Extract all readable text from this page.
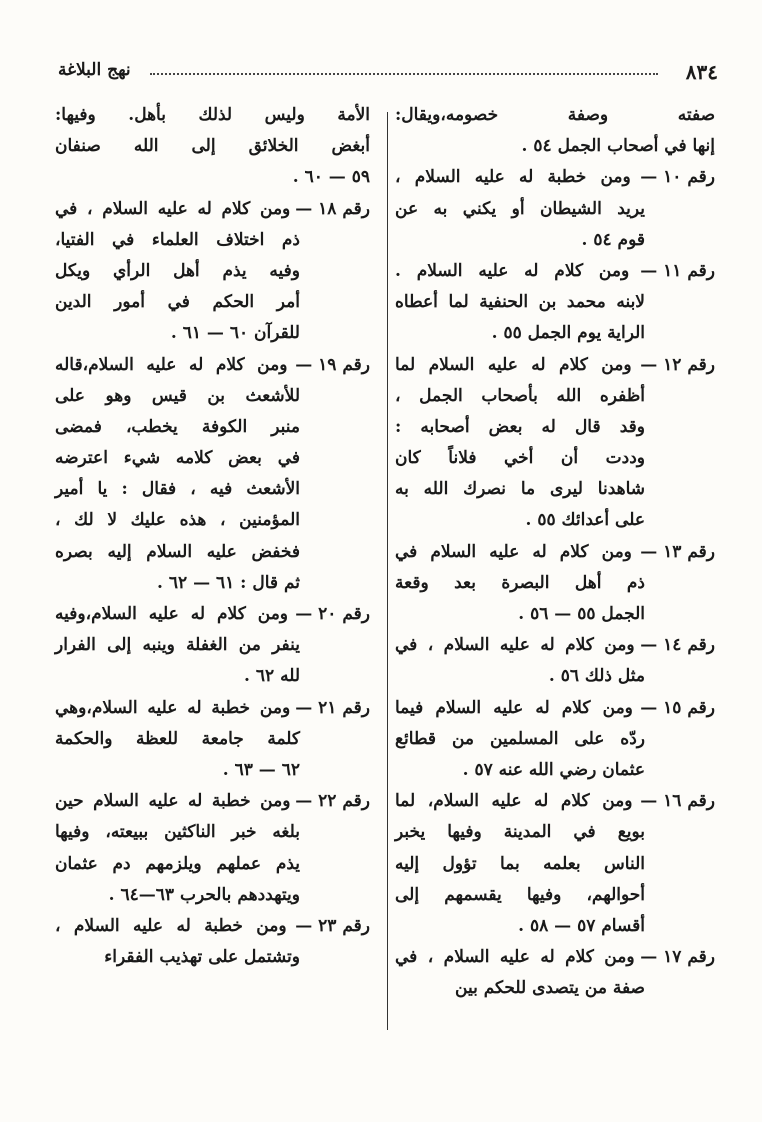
٨٣٤
نهج البلاغة
صفته وصفة خصومه،ويقال:
إنها في أصحاب الجمل ٥٤ .
رقم ١٠ — ومن خطبة له عليه السلام ،
يريد الشيطان أو يكني به عن
قوم ٥٤ .
رقم ١١ — ومن كلام له عليه السلام .
لابنه محمد بن الحنفية لما أعطاه
الراية يوم الجمل ٥٥ .
رقم ١٢ — ومن كلام له عليه السلام لما
أظفره الله بأصحاب الجمل ،
وقد قال له بعض أصحابه :
وددت أن أخي فلاناً كان
شاهدنا ليرى ما نصرك الله به
على أعدائك ٥٥ .
رقم ١٣ — ومن كلام له عليه السلام في
ذم أهل البصرة بعد وقعة
الجمل ٥٥ — ٥٦ .
رقم ١٤ — ومن كلام له عليه السلام ، في
مثل ذلك ٥٦ .
رقم ١٥ — ومن كلام له عليه السلام فيما
ردّه على المسلمين من قطائع
عثمان رضي الله عنه ٥٧ .
رقم ١٦ — ومن كلام له عليه السلام، لما
بويع في المدينة وفيها يخبر
الناس بعلمه بما تؤول إليه
أحوالهم، وفيها يقسمهم إلى
أقسام ٥٧ — ٥٨ .
رقم ١٧ — ومن كلام له عليه السلام ، في
صفة من يتصدى للحكم بين
الأمة وليس لذلك بأهل. وفيها:
أبغض الخلائق إلى الله صنفان
٥٩ — ٦٠ .
رقم ١٨ — ومن كلام له عليه السلام ، في
ذم اختلاف العلماء في الفتيا،
وفيه يذم أهل الرأي ويكل
أمر الحكم في أمور الدين
للقرآن ٦٠ — ٦١ .
رقم ١٩ — ومن كلام له عليه السلام،قاله
للأشعث بن قيس وهو على
منبر الكوفة يخطب، فمضى
في بعض كلامه شيء اعترضه
الأشعث فيه ، فقال : يا أمير
المؤمنين ، هذه عليك لا لك ،
فخفض عليه السلام إليه بصره
ثم قال : ٦١ — ٦٢ .
رقم ٢٠ — ومن كلام له عليه السلام،وفيه
ينفر من الغفلة وينبه إلى الفرار
لله ٦٢ .
رقم ٢١ — ومن خطبة له عليه السلام،وهي
كلمة جامعة للعظة والحكمة
٦٢ — ٦٣ .
رقم ٢٢ — ومن خطبة له عليه السلام حين
بلغه خبر الناكثين ببيعته، وفيها
يذم عملهم ويلزمهم دم عثمان
ويتهددهم بالحرب ٦٣—٦٤ .
رقم ٢٣ — ومن خطبة له عليه السلام ،
وتشتمل على تهذيب الفقراء
